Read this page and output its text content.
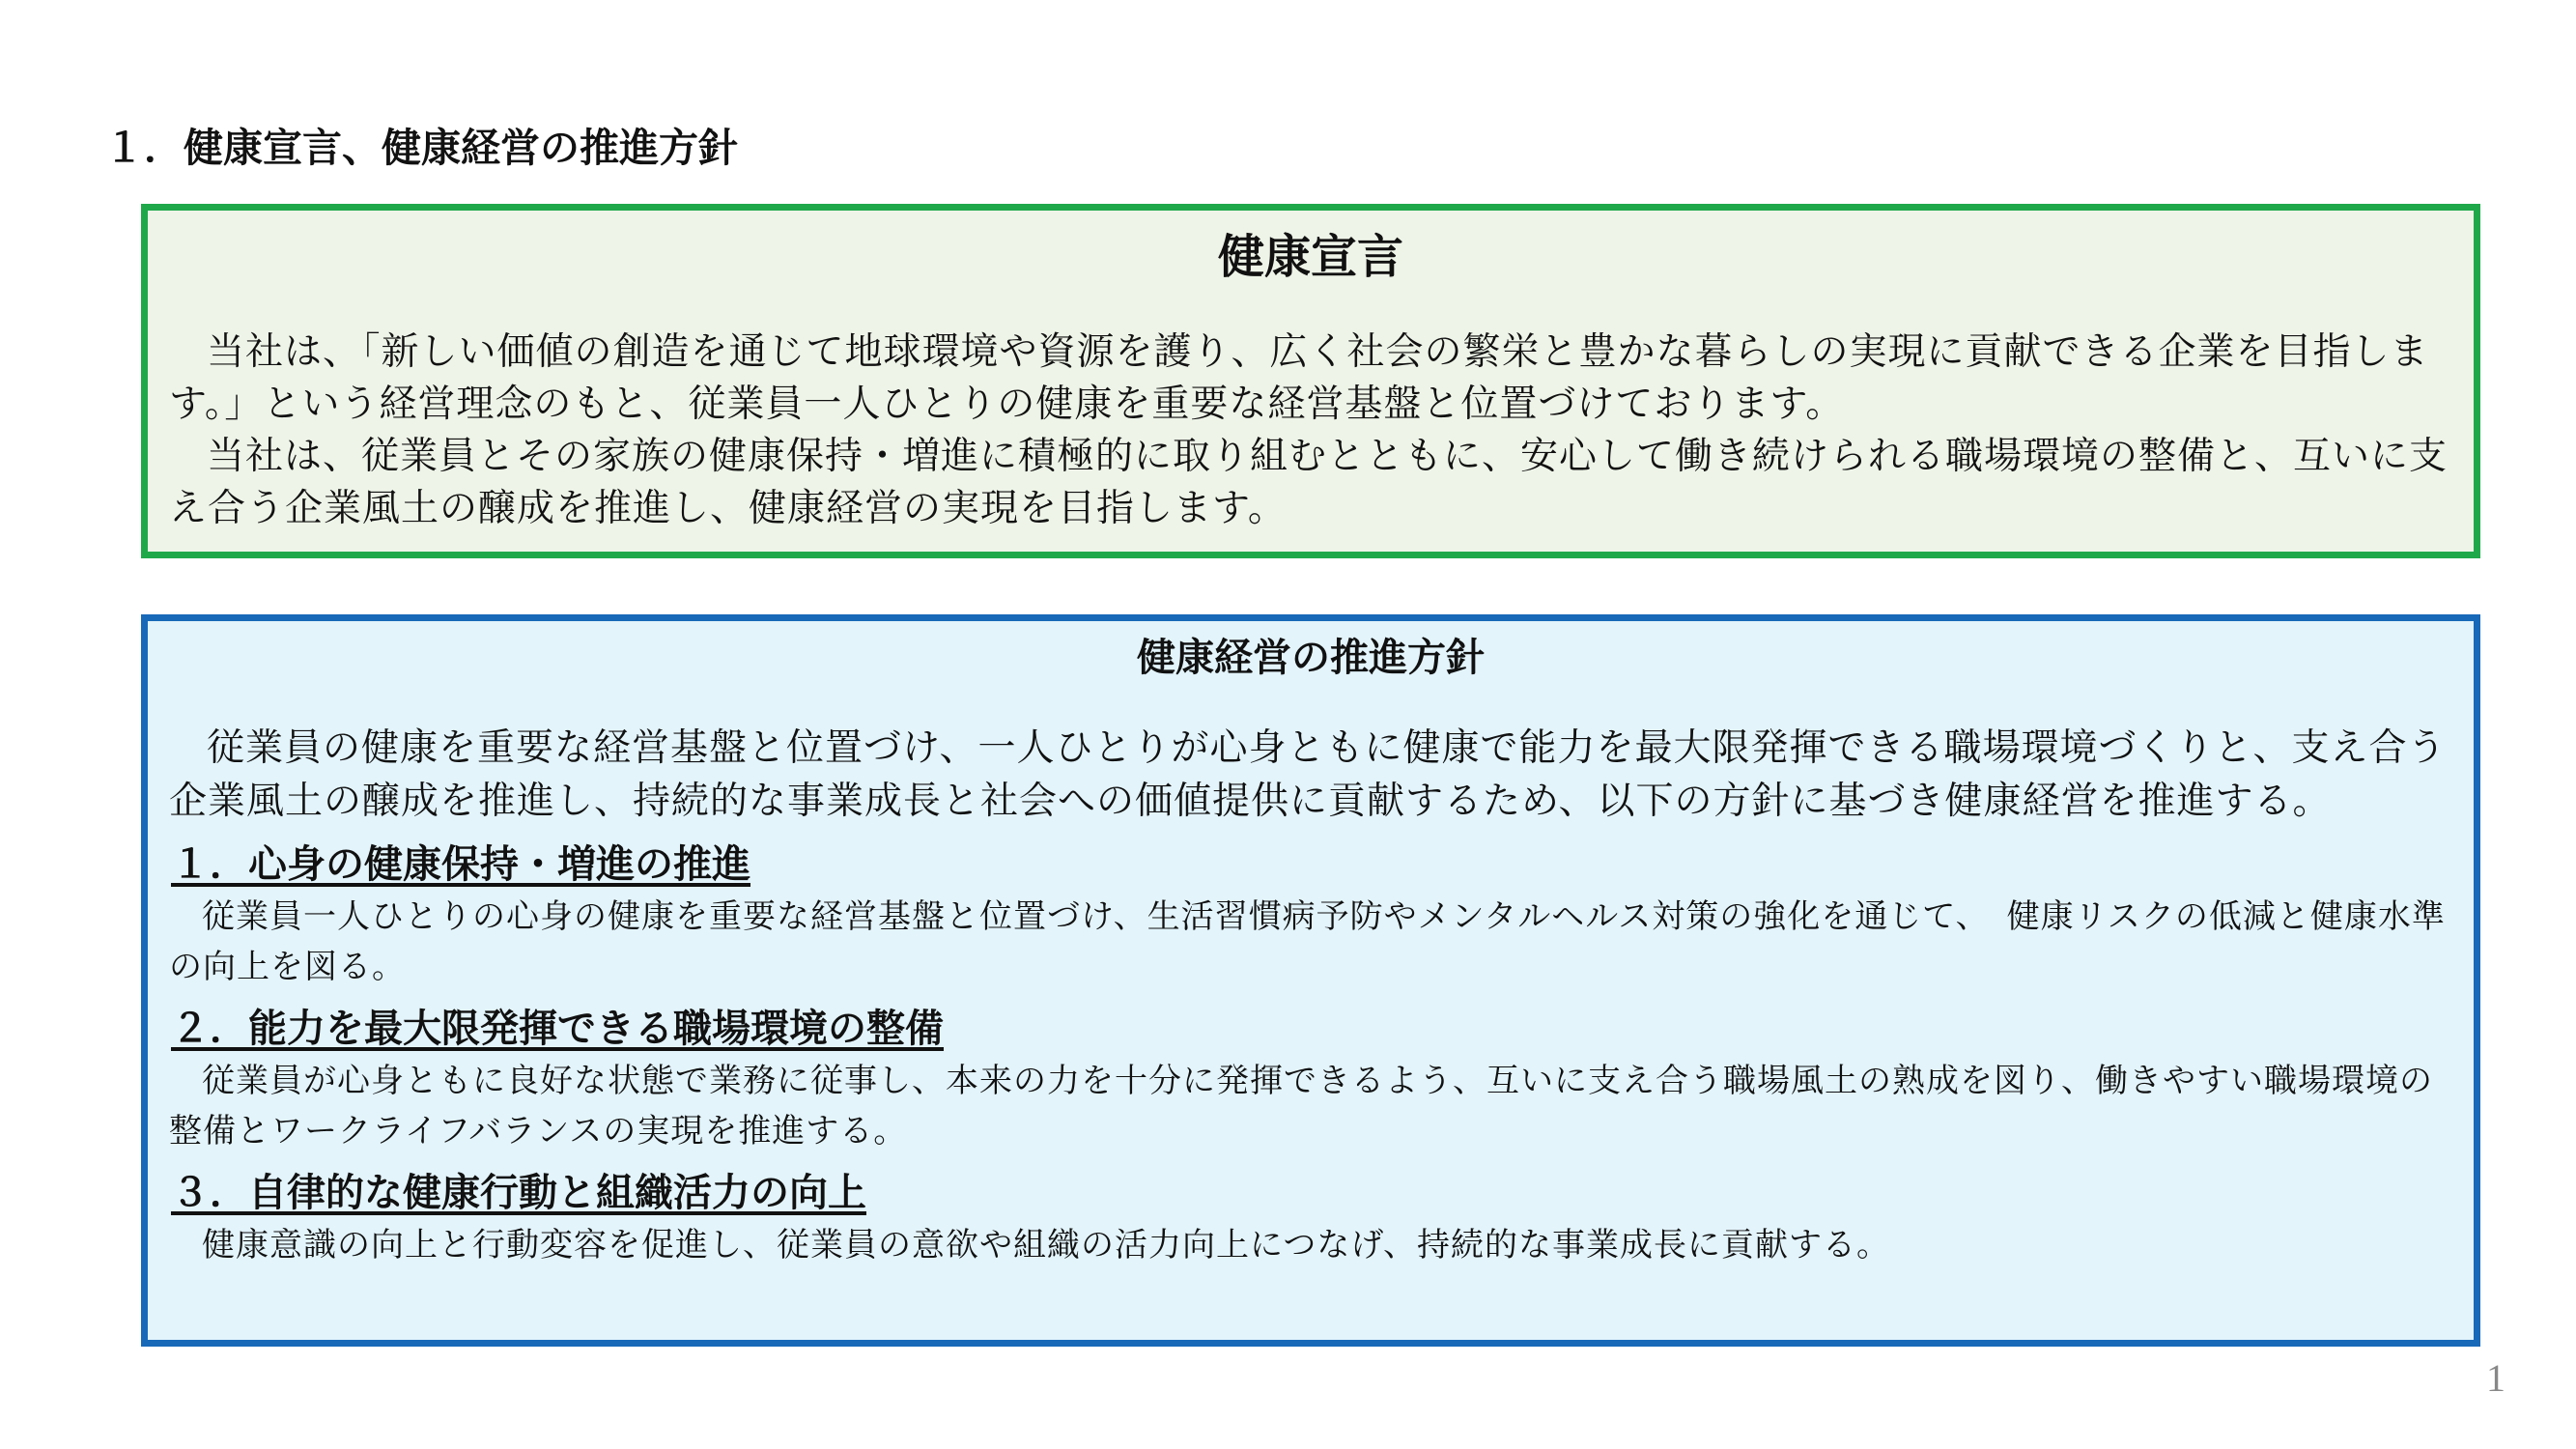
１．健康宣言、健康経営の推進方針
健康宣言

当社は、「新しい価値の創造を通じて地球環境や資源を護り、広く社会の繁栄と豊かな暮らしの実現に貢献できる企業を目指します。」という経営理念のもと、従業員一人ひとりの健康を重要な経営基盤と位置づけております。

当社は、従業員とその家族の健康保持・増進に積極的に取り組むとともに、安心して働き続けられる職場環境の整備と、互いに支え合う企業風土の醸成を推進し、健康経営の実現を目指します。

健康経営の推進方針

従業員の健康を重要な経営基盤と位置づけ、一人ひとりが心身ともに健康で能力を最大限発揮できる職場環境づくりと、支え合う企業風土の醸成を推進し、持続的な事業成長と社会への価値提供に貢献するため、以下の方針に基づき健康経営を推進する。

１．心身の健康保持・増進の推進

従業員一人ひとりの心身の健康を重要な経営基盤と位置づけ、生活習慣病予防やメンタルヘルス対策の強化を通じて、　健康リスクの低減と健康水準の向上を図る。

２．能力を最大限発揮できる職場環境の整備

従業員が心身ともに良好な状態で業務に従事し、本来の力を十分に発揮できるよう、互いに支え合う職場風土の熟成を図り、働きやすい職場環境の整備とワークライフバランスの実現を推進する。

３．自律的な健康行動と組織活力の向上

健康意識の向上と行動変容を促進し、従業員の意欲や組織の活力向上につなげ、持続的な事業成長に貢献する。

1
